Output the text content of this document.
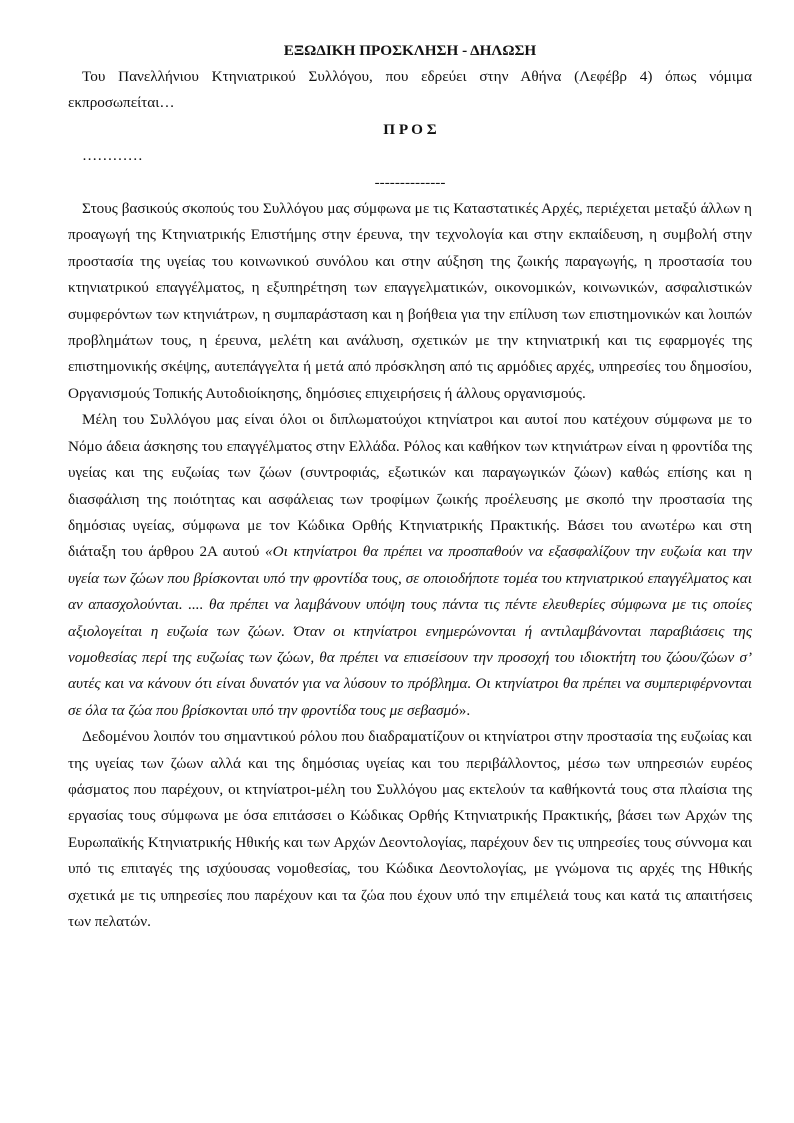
ΕΞΩΔΙΚΗ ΠΡΟΣΚΛΗΣΗ - ΔΗΛΩΣΗ

Του Πανελλήνιου Κτηνιατρικού Συλλόγου, που εδρεύει στην Αθήνα (Λεφέβρ 4) όπως νόμιμα εκπροσωπείται…

Π Ρ Ο Σ

…………

--------------

Στους βασικούς σκοπούς του Συλλόγου μας σύμφωνα με τις Καταστατικές Αρχές, περιέχεται μεταξύ άλλων η προαγωγή της Κτηνιατρικής Επιστήμης στην έρευνα, την τεχνολογία και στην εκπαίδευση, η συμβολή στην προστασία της υγείας του κοινωνικού συνόλου και στην αύξηση της ζωικής παραγωγής, η προστασία του κτηνιατρικού επαγγέλματος, η εξυπηρέτηση των επαγγελματικών, οικονομικών, κοινωνικών, ασφαλιστικών συμφερόντων των κτηνιάτρων, η συμπαράσταση και η βοήθεια για την επίλυση των επιστημονικών και λοιπών προβλημάτων τους, η έρευνα, μελέτη και ανάλυση, σχετικών με την κτηνιατρική και τις εφαρμογές της επιστημονικής σκέψης, αυτεπάγγελτα ή μετά από πρόσκληση από τις αρμόδιες αρχές, υπηρεσίες του δημοσίου, Οργανισμούς Τοπικής Αυτοδιοίκησης, δημόσιες επιχειρήσεις ή άλλους οργανισμούς.

Μέλη του Συλλόγου μας είναι όλοι οι διπλωματούχοι κτηνίατροι και αυτοί που κατέχουν σύμφωνα με το Νόμο άδεια άσκησης του επαγγέλματος στην Ελλάδα. Ρόλος και καθήκον των κτηνιάτρων είναι η φροντίδα της υγείας και της ευζωίας των ζώων (συντροφιάς, εξωτικών και παραγωγικών ζώων) καθώς επίσης και η διασφάλιση της ποιότητας και ασφάλειας των τροφίμων ζωικής προέλευσης με σκοπό την προστασία της δημόσιας υγείας, σύμφωνα με τον Κώδικα Ορθής Κτηνιατρικής Πρακτικής. Βάσει του ανωτέρω και στη διάταξη του άρθρου 2Α αυτού «Οι κτηνίατροι θα πρέπει να προσπαθούν να εξασφαλίζουν την ευζωία και την υγεία των ζώων που βρίσκονται υπό την φροντίδα τους, σε οποιοδήποτε τομέα του κτηνιατρικού επαγγέλματος και αν απασχολούνται. .... θα πρέπει να λαμβάνουν υπόψη τους πάντα τις πέντε ελευθερίες σύμφωνα με τις οποίες αξιολογείται η ευζωία των ζώων. Όταν οι κτηνίατροι ενημερώνονται ή αντιλαμβάνονται παραβιάσεις της νομοθεσίας περί της ευζωίας των ζώων, θα πρέπει να επισείσουν την προσοχή του ιδιοκτήτη του ζώου/ζώων σ’ αυτές και να κάνουν ότι είναι δυνατόν για να λύσουν το πρόβλημα. Οι κτηνίατροι θα πρέπει να συμπεριφέρνονται σε όλα τα ζώα που βρίσκονται υπό την φροντίδα τους με σεβασμό».

Δεδομένου λοιπόν του σημαντικού ρόλου που διαδραματίζουν οι κτηνίατροι στην προστασία της ευζωίας και της υγείας των ζώων αλλά και της δημόσιας υγείας και του περιβάλλοντος, μέσω των υπηρεσιών ευρέος φάσματος που παρέχουν, οι κτηνίατροι-μέλη του Συλλόγου μας εκτελούν τα καθήκοντά τους στα πλαίσια της εργασίας τους σύμφωνα με όσα επιτάσσει ο Κώδικας Ορθής Κτηνιατρικής Πρακτικής, βάσει των Αρχών της Ευρωπαϊκής Κτηνιατρικής Ηθικής και των Αρχών Δεοντολογίας, παρέχουν δεν τις υπηρεσίες τους σύννομα και υπό τις επιταγές της ισχύουσας νομοθεσίας, του Κώδικα Δεοντολογίας, με γνώμονα τις αρχές της Ηθικής σχετικά με τις υπηρεσίες που παρέχουν και τα ζώα που έχουν υπό την επιμέλειά τους και κατά τις απαιτήσεις των πελατών.
